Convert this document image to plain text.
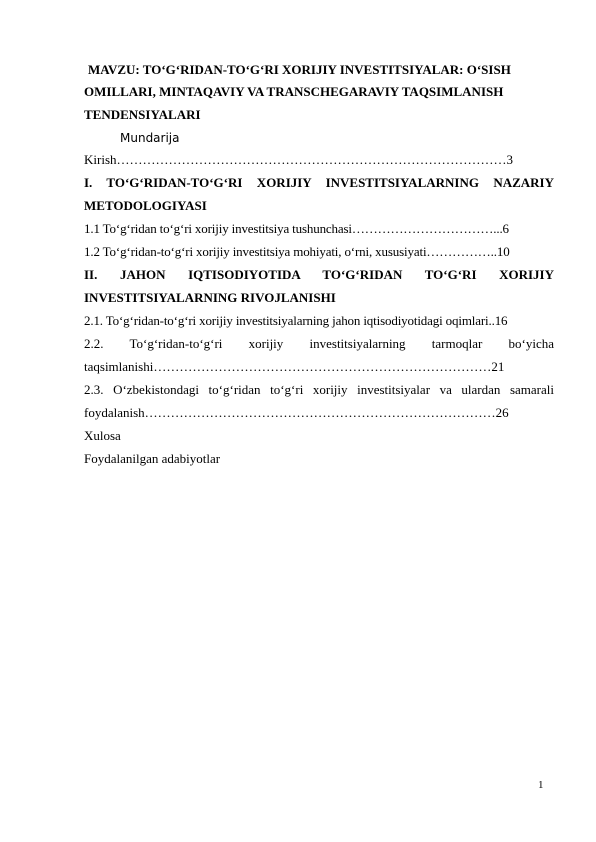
MAVZU: TO‘G‘RIDAN-TO‘G‘RI XORIJIY INVESTITSIYALAR: O‘SISH
OMILLARI, MINTAQAVIY VA TRANSCHEGARAVIY TAQSIMLANISH
TENDENSIYALARI
Mundarija
Kirish………………………………………………………………………………3
I. TO‘G‘RIDAN-TO‘G‘RI XORIJIY INVESTITSIYALARNING NAZARIY
METODOLOGIYASI
1.1 To‘g‘ridan to‘g‘ri xorijiy investitsiya tushunchasi……………………………...6
1.2 To‘g‘ridan-to‘g‘ri xorijiy investitsiya mohiyati, o‘rni, xususiyati……………..10
II. JAHON IQTISODIYOTIDA TO‘G‘RIDAN TO‘G‘RI XORIJIY
INVESTITSIYALARNING RIVOJLANISHI
2.1. To‘g‘ridan-to‘g‘ri xorijiy investitsiyalarning jahon iqtisodiyotidagi oqimlari..16
2.2. To‘g‘ridan-to‘g‘ri xorijiy investitsiyalarning tarmoqlar bo‘yicha
taqsimlanishi……………………………………………………………………21
2.3. O‘zbekistondagi to‘g‘ridan to‘g‘ri xorijiy investitsiyalar va ulardan samarali
foydalanish………………………………………………………………………26
Xulosa
Foydalanilgan adabiyotlar
1
